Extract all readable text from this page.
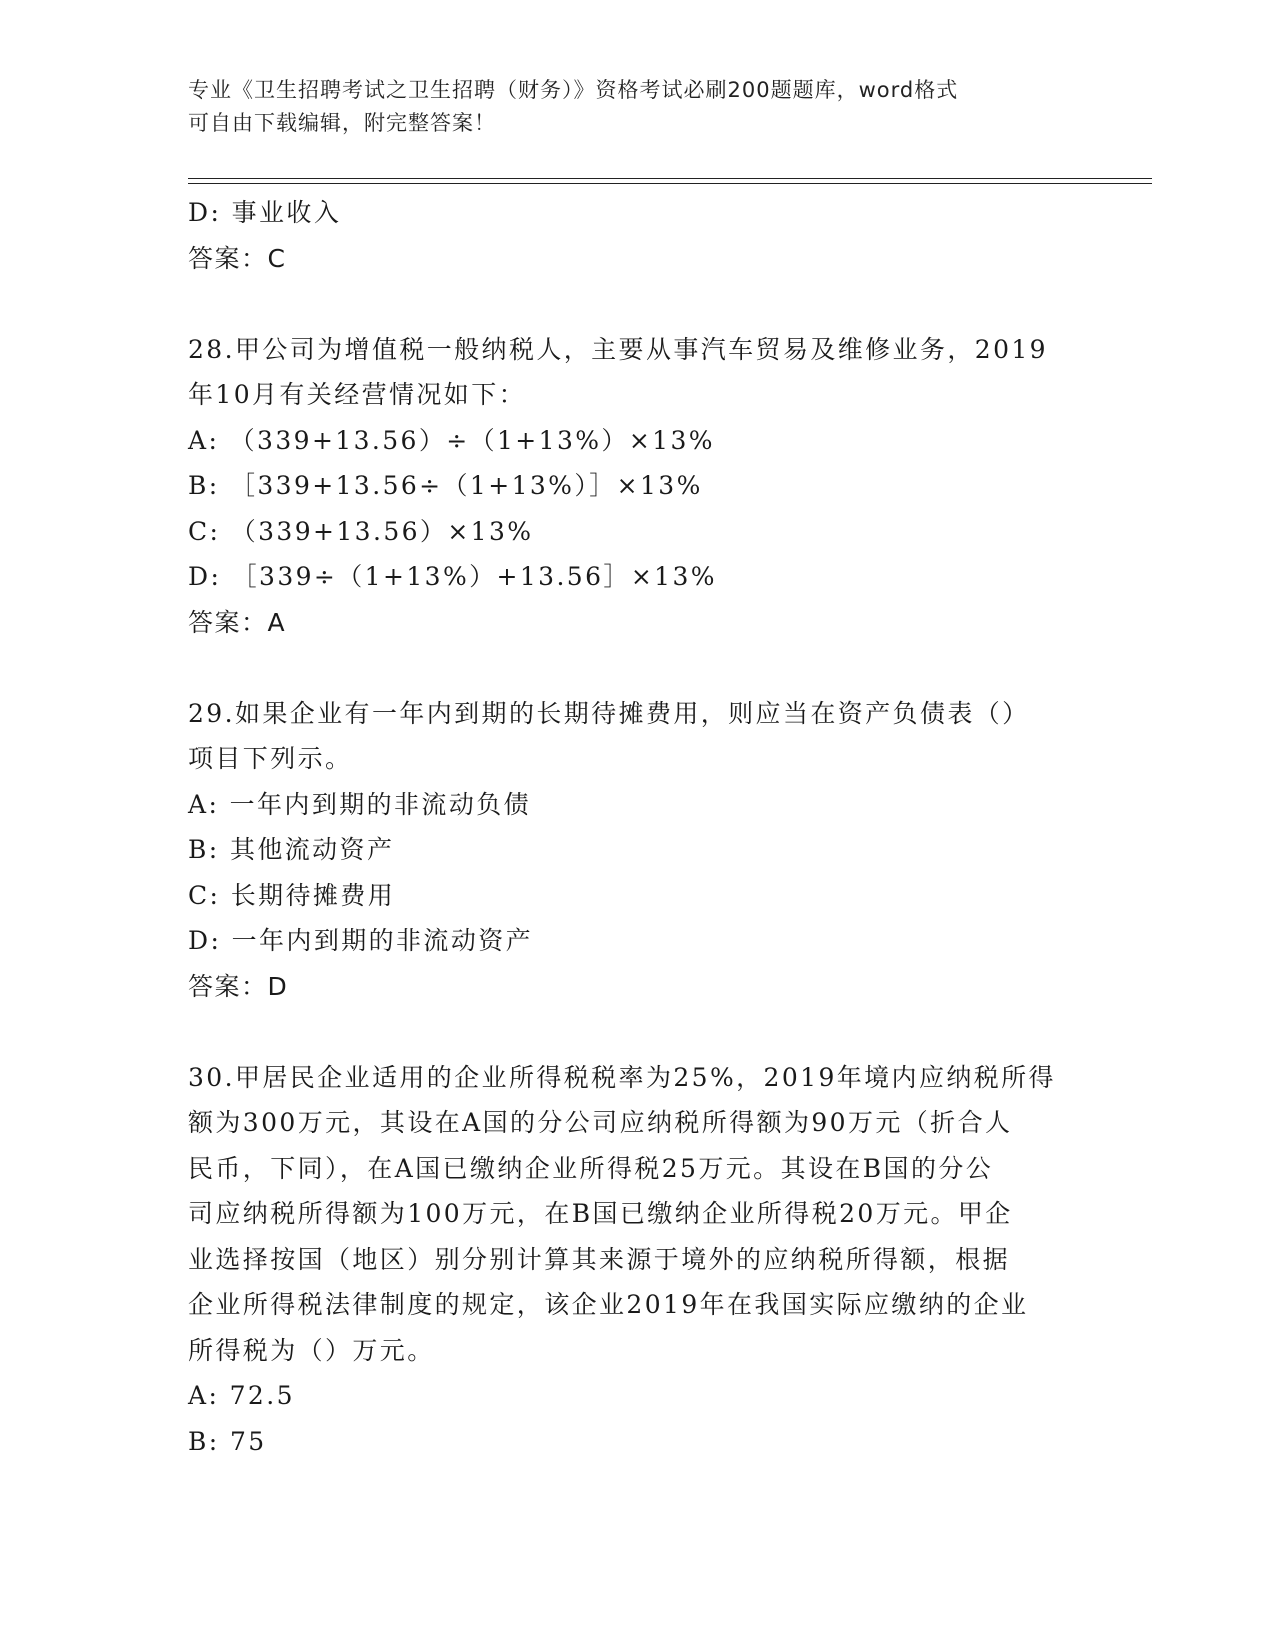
专业《卫生招聘考试之卫生招聘（财务）》资格考试必刷200题题库，word格式
可自由下载编辑，附完整答案！
D: 事业收入
答案：C
28.甲公司为增值税一般纳税人，主要从事汽车贸易及维修业务，2019
年10月有关经营情况如下：
A: （339+13.56）÷（1+13%）×13%
B: ［339+13.56÷（1+13%）］×13%
C: （339+13.56）×13%
D: ［339÷（1+13%）+13.56］×13%
答案：A
29.如果企业有一年内到期的长期待摊费用，则应当在资产负债表（）
项目下列示。
A: 一年内到期的非流动负债
B: 其他流动资产
C: 长期待摊费用
D: 一年内到期的非流动资产
答案：D
30.甲居民企业适用的企业所得税税率为25%，2019年境内应纳税所得
额为300万元，其设在A国的分公司应纳税所得额为90万元（折合人
民币，下同），在A国已缴纳企业所得税25万元。其设在B国的分公
司应纳税所得额为100万元，在B国已缴纳企业所得税20万元。甲企
业选择按国（地区）别分别计算其来源于境外的应纳税所得额，根据
企业所得税法律制度的规定，该企业2019年在我国实际应缴纳的企业
所得税为（）万元。
A: 72.5
B: 75
